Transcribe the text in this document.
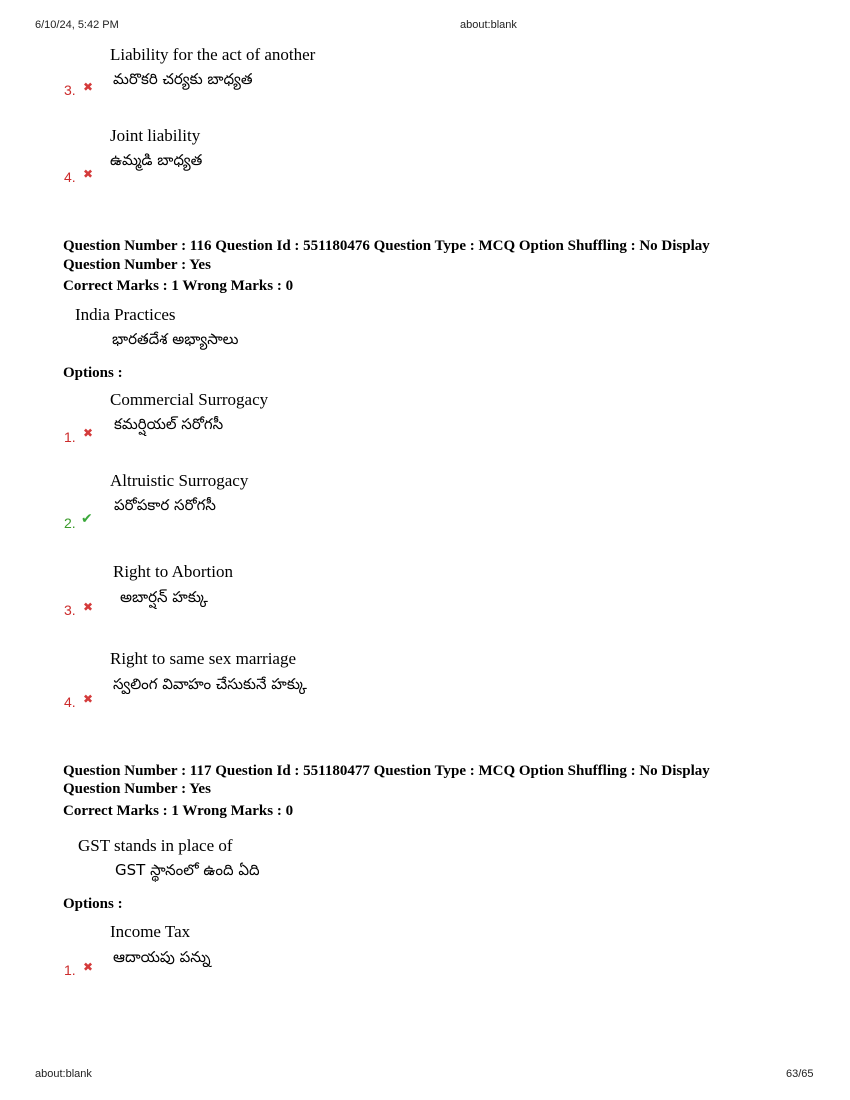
6/10/24, 5:42 PM	about:blank
Liability for the act of another
మరొకరి చర్యకు బాధ్యత
3. ✖
Joint liability
ఉమ్మడి బాధ్యత
4. ✖
Question Number : 116 Question Id : 551180476 Question Type : MCQ Option Shuffling : No Display
Question Number : Yes
Correct Marks : 1 Wrong Marks : 0
India Practices
భారతదేశ అభ్యాసాలు
Options :
Commercial Surrogacy
కమర్షియల్ సరోగసీ
1. ✖
Altruistic Surrogacy
పరోపకార సరోగసీ
2. ✔
Right to Abortion
అబార్షన్ హక్కు
3. ✖
Right to same sex marriage
స్వలింగ వివాహం చేసుకునే హక్కు
4. ✖
Question Number : 117 Question Id : 551180477 Question Type : MCQ Option Shuffling : No Display
Question Number : Yes
Correct Marks : 1 Wrong Marks : 0
GST stands in place of
GST స్థానంలో ఉంది ఏది
Options :
Income Tax
ఆదాయపు పన్ను
1. ✖
about:blank	63/65
